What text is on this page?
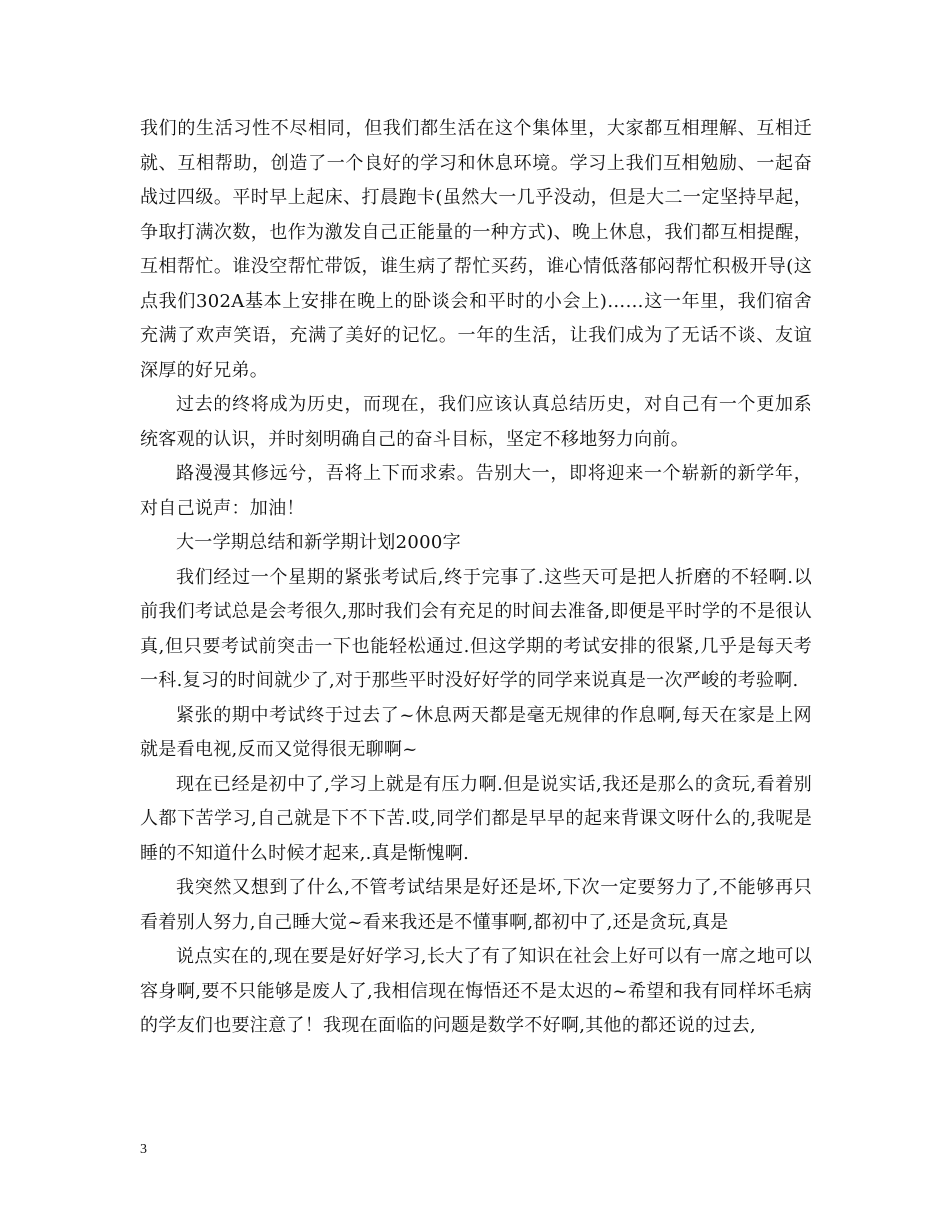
我们的生活习性不尽相同，但我们都生活在这个集体里，大家都互相理解、互相迁就、互相帮助，创造了一个良好的学习和休息环境。学习上我们互相勉励、一起奋战过四级。平时早上起床、打晨跑卡(虽然大一几乎没动，但是大二一定坚持早起，争取打满次数，也作为激发自己正能量的一种方式)、晚上休息，我们都互相提醒，互相帮忙。谁没空帮忙带饭，谁生病了帮忙买药，谁心情低落郁闷帮忙积极开导(这点我们302A基本上安排在晚上的卧谈会和平时的小会上)……这一年里，我们宿舍充满了欢声笑语，充满了美好的记忆。一年的生活，让我们成为了无话不谈、友谊深厚的好兄弟。

过去的终将成为历史，而现在，我们应该认真总结历史，对自己有一个更加系统客观的认识，并时刻明确自己的奋斗目标，坚定不移地努力向前。

路漫漫其修远兮，吾将上下而求索。告别大一，即将迎来一个崭新的新学年，对自己说声：加油！

大一学期总结和新学期计划2000字

我们经过一个星期的紧张考试后,终于完事了.这些天可是把人折磨的不轻啊.以前我们考试总是会考很久,那时我们会有充足的时间去准备,即便是平时学的不是很认真,但只要考试前突击一下也能轻松通过.但这学期的考试安排的很紧,几乎是每天考一科.复习的时间就少了,对于那些平时没好好学的同学来说真是一次严峻的考验啊.

紧张的期中考试终于过去了~休息两天都是毫无规律的作息啊,每天在家是上网就是看电视,反而又觉得很无聊啊~

现在已经是初中了,学习上就是有压力啊.但是说实话,我还是那么的贪玩,看着别人都下苦学习,自己就是下不下苦.哎,同学们都是早早的起来背课文呀什么的,我呢是睡的不知道什么时候才起来,.真是惭愧啊.

我突然又想到了什么,不管考试结果是好还是坏,下次一定要努力了,不能够再只看着别人努力,自己睡大觉~看来我还是不懂事啊,都初中了,还是贪玩,真是

说点实在的,现在要是好好学习,长大了有了知识在社会上好可以有一席之地可以容身啊,要不只能够是废人了,我相信现在悔悟还不是太迟的~希望和我有同样坏毛病的学友们也要注意了！我现在面临的问题是数学不好啊,其他的都还说的过去,

3
